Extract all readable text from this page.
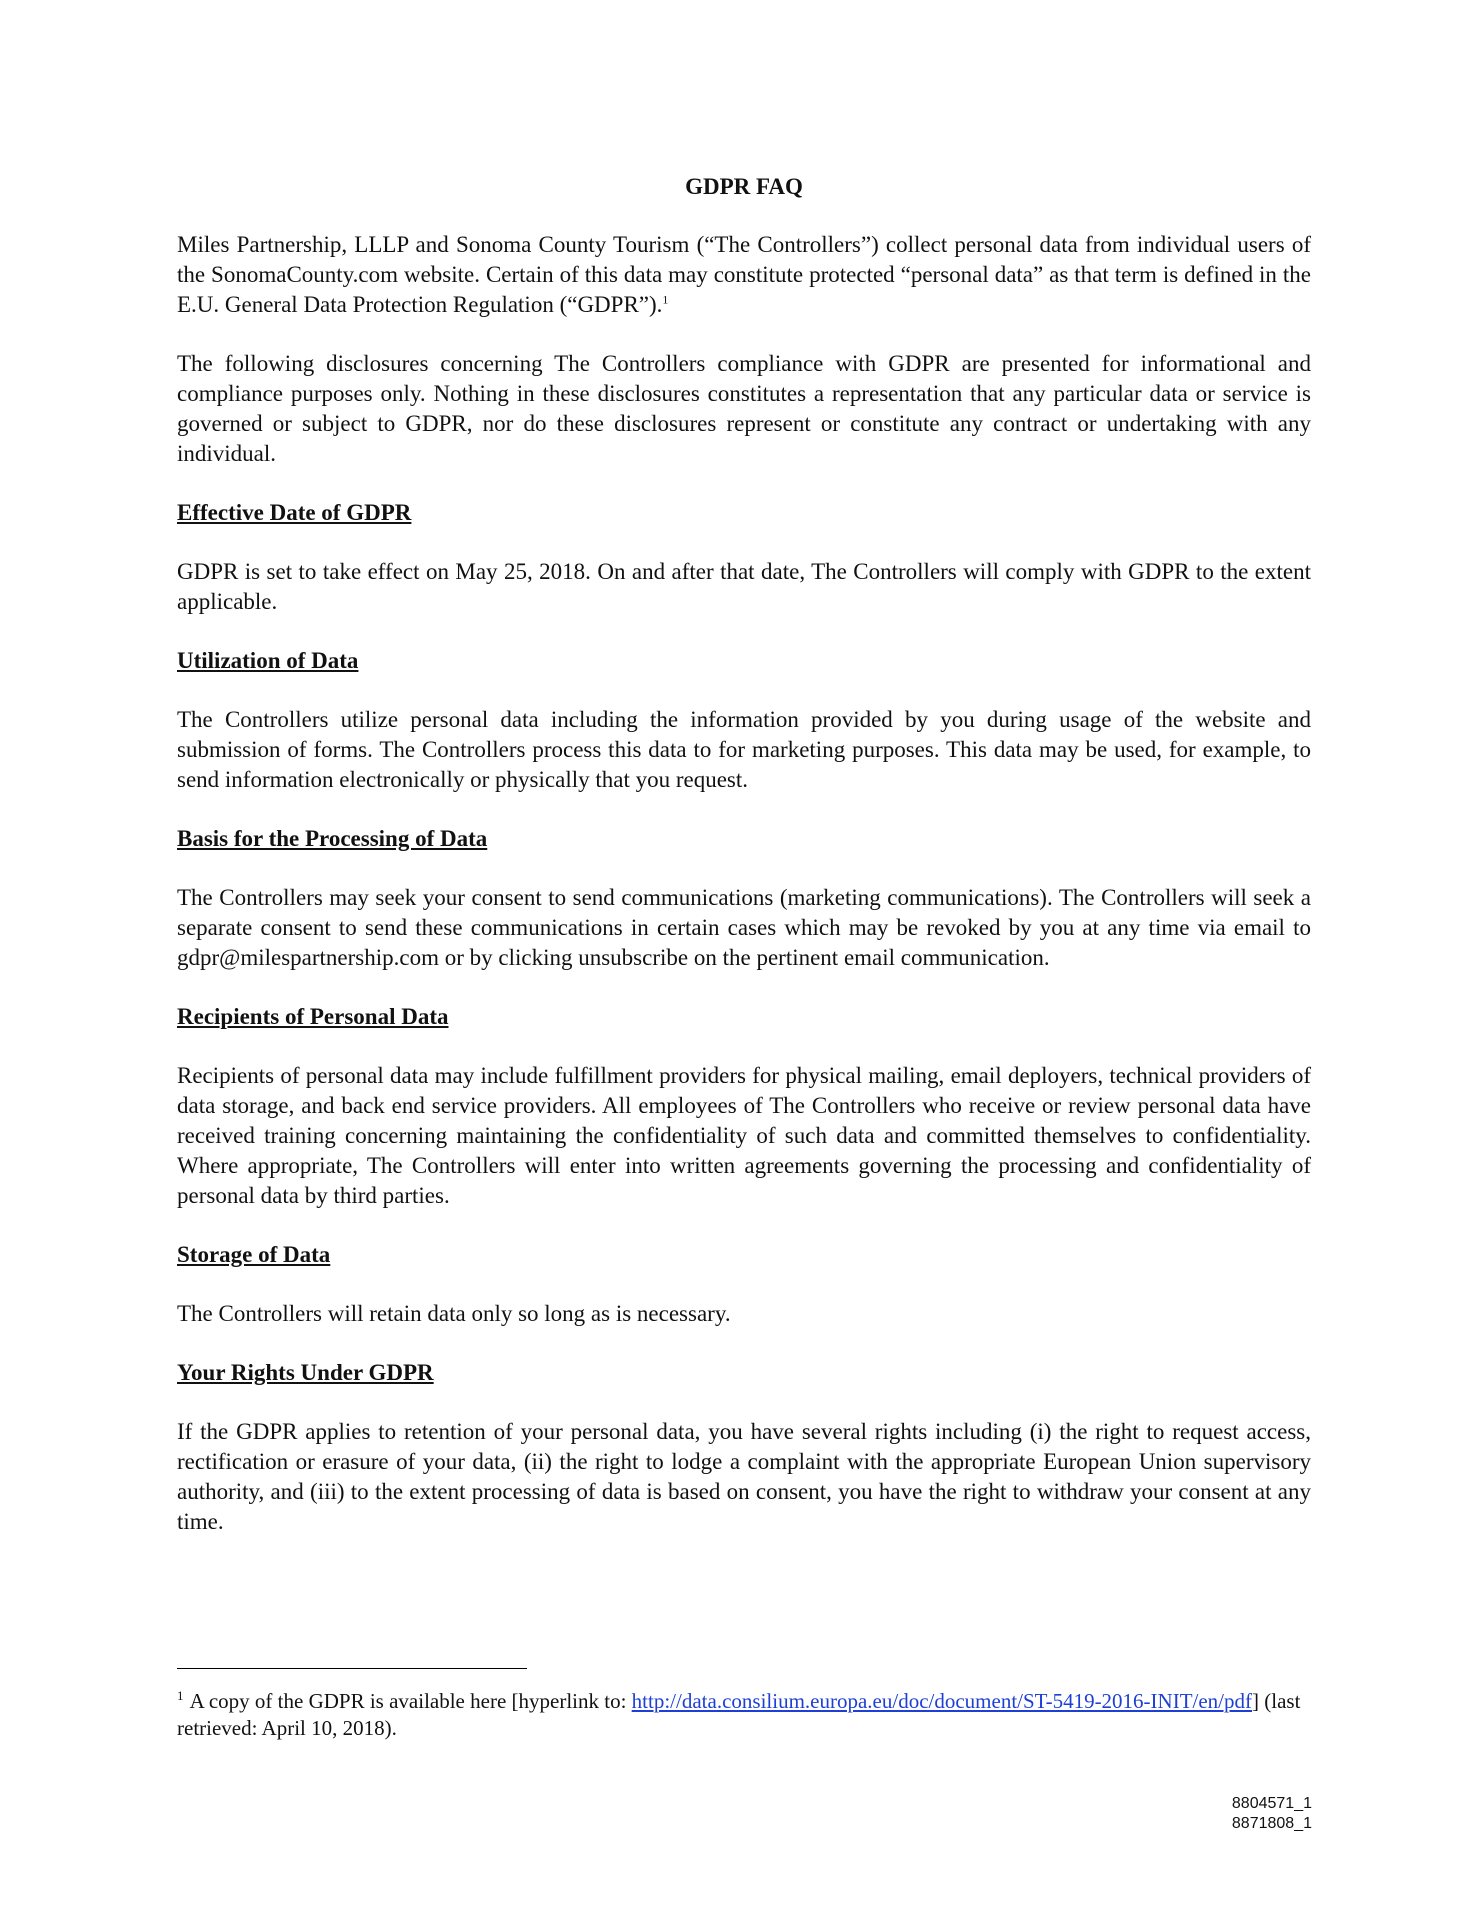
GDPR FAQ

Miles Partnership, LLLP and Sonoma County Tourism (“The Controllers”) collect personal data from individual users of the SonomaCounty.com website. Certain of this data may constitute protected “personal data” as that term is defined in the E.U. General Data Protection Regulation (“GDPR”).$^1$

The following disclosures concerning The Controllers compliance with GDPR are presented for informational and compliance purposes only. Nothing in these disclosures constitutes a representation that any particular data or service is governed or subject to GDPR, nor do these disclosures represent or constitute any contract or undertaking with any individual.

Effective Date of GDPR

GDPR is set to take effect on May 25, 2018. On and after that date, The Controllers will comply with GDPR to the extent applicable.

Utilization of Data

The Controllers utilize personal data including the information provided by you during usage of the website and submission of forms. The Controllers process this data to for marketing purposes. This data may be used, for example, to send information electronically or physically that you request.

Basis for the Processing of Data

The Controllers may seek your consent to send communications (marketing communications). The Controllers will seek a separate consent to send these communications in certain cases which may be revoked by you at any time via email to gdpr@milespartnership.com or by clicking unsubscribe on the pertinent email communication.

Recipients of Personal Data

Recipients of personal data may include fulfillment providers for physical mailing, email deployers, technical providers of data storage, and back end service providers. All employees of The Controllers who receive or review personal data have received training concerning maintaining the confidentiality of such data and committed themselves to confidentiality. Where appropriate, The Controllers will enter into written agreements governing the processing and confidentiality of personal data by third parties.

Storage of Data

The Controllers will retain data only so long as is necessary.

Your Rights Under GDPR

If the GDPR applies to retention of your personal data, you have several rights including (i) the right to request access, rectification or erasure of your data, (ii) the right to lodge a complaint with the appropriate European Union supervisory authority, and (iii) to the extent processing of data is based on consent, you have the right to withdraw your consent at any time.

$^1$ A copy of the GDPR is available here [hyperlink to: http://data.consilium.europa.eu/doc/document/ST-5419-2016-INIT/en/pdf] (last retrieved: April 10, 2018).
8804571_1
8871808_1
